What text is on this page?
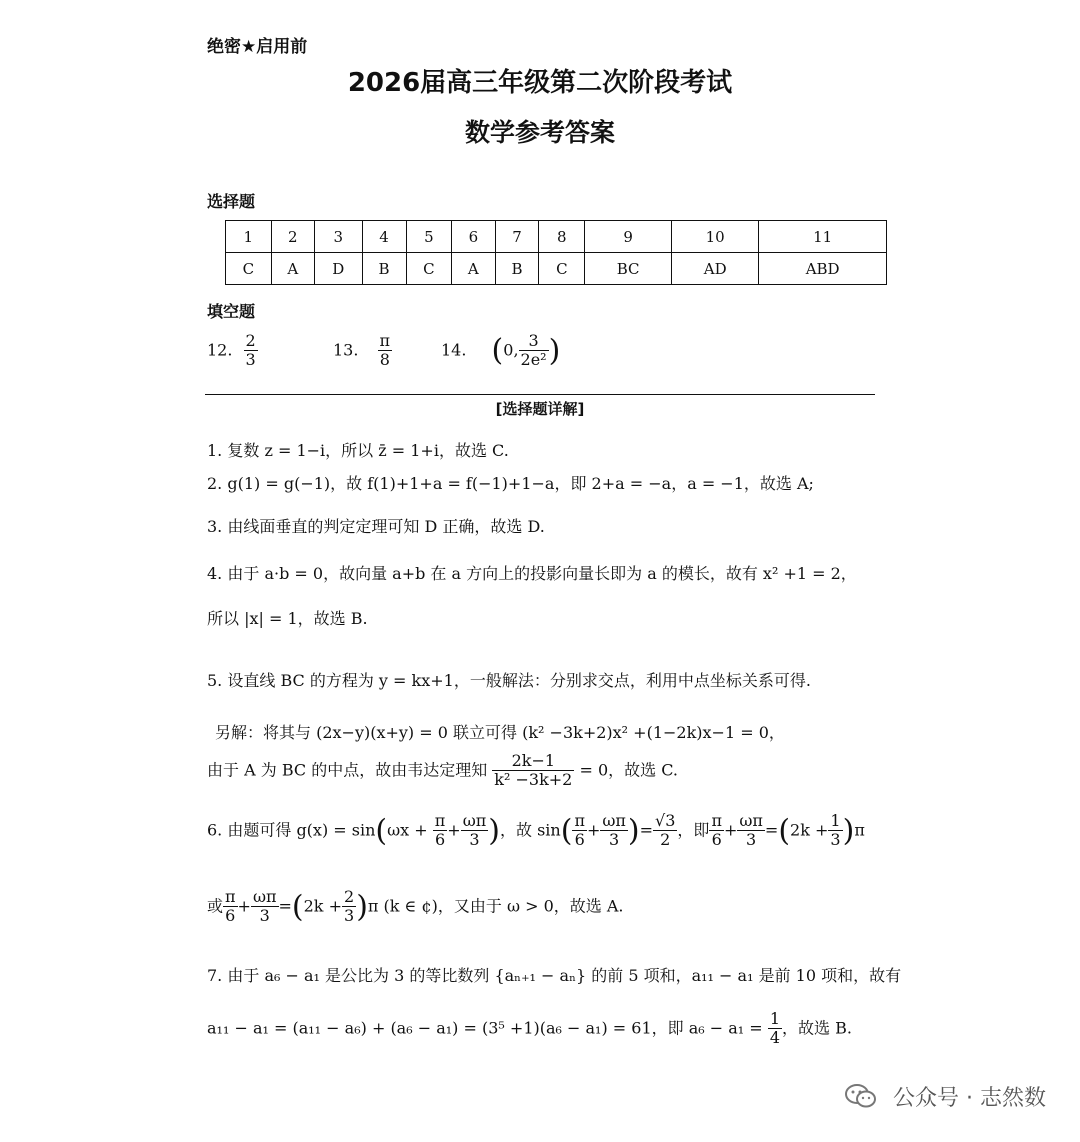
绝密★启用前
2026届高三年级第二次阶段考试
数学参考答案
选择题
1	2	3	4	5	6	7	8	9	10	11
C	A	D	B	C	A	B	C	BC	AD	ABD
填空题
12. $\frac{2}{3}$	13. $\frac{\pi}{8}$	14. (0, $\frac{3}{\text{2e²}}$ )
[选择题详解]
1. 复数 z = 1−i，所以 z̄ = 1+i，故选 C.
2. g(1) = g(−1)，故 f(1)+1+a = f(−1)+1−a，即 2+a = −a，a = −1，故选 A;
3. 由线面垂直的判定定理可知 D 正确，故选 D.
4. 由于 a·b = 0，故向量 a+b 在 a 方向上的投影向量长即为 a 的模长，故有 x² +1 = 2，
所以 |x| = 1，故选 B.
5. 设直线 BC 的方程为 y = kx+1，一般解法：分别求交点，利用中点坐标关系可得.
另解：将其与 (2x−y)(x+y) = 0 联立可得 (k² −3k+2)x² +(1−2k)x−1 = 0，
由于 A 为 BC 的中点，故由韦达定理知 $\frac{2k-1}{\text{k² −3k+2}} = 0$，故选 C.
6. 由题可得 $g(x) = \sin(\omega x + \frac{\pi}{6} + \frac{\omega\pi}{3}$ )，故 $\sin( \frac{\pi}{6} + \frac{\omega\pi}{3}$ )= $\frac{√3}{2}$ ，即 $\frac{\pi}{6} + \frac{\omega\pi}{3} =(2k + \frac{1}{3} )\pi$
或 $\frac{\pi}{6} + \frac{\omega\pi}{3} =(2k + \frac{2}{3} )\pi$ (k ∈ ¢)，又由于 ω > 0，故选 A.
7. 由于 a₆ − a₁ 是公比为 3 的等比数列 {aₙ₊₁ − aₙ} 的前 5 项和，a₁₁ − a₁ 是前 10 项和，故有
a₁₁ − a₁ = (a₁₁ − a₆) + (a₆ − a₁) = (3⁵ +1)(a₆ − a₁) = 61，即 $a_6 - a_1 = \frac{1}{4}$ ，故选 B.
公众号 · 志然数
